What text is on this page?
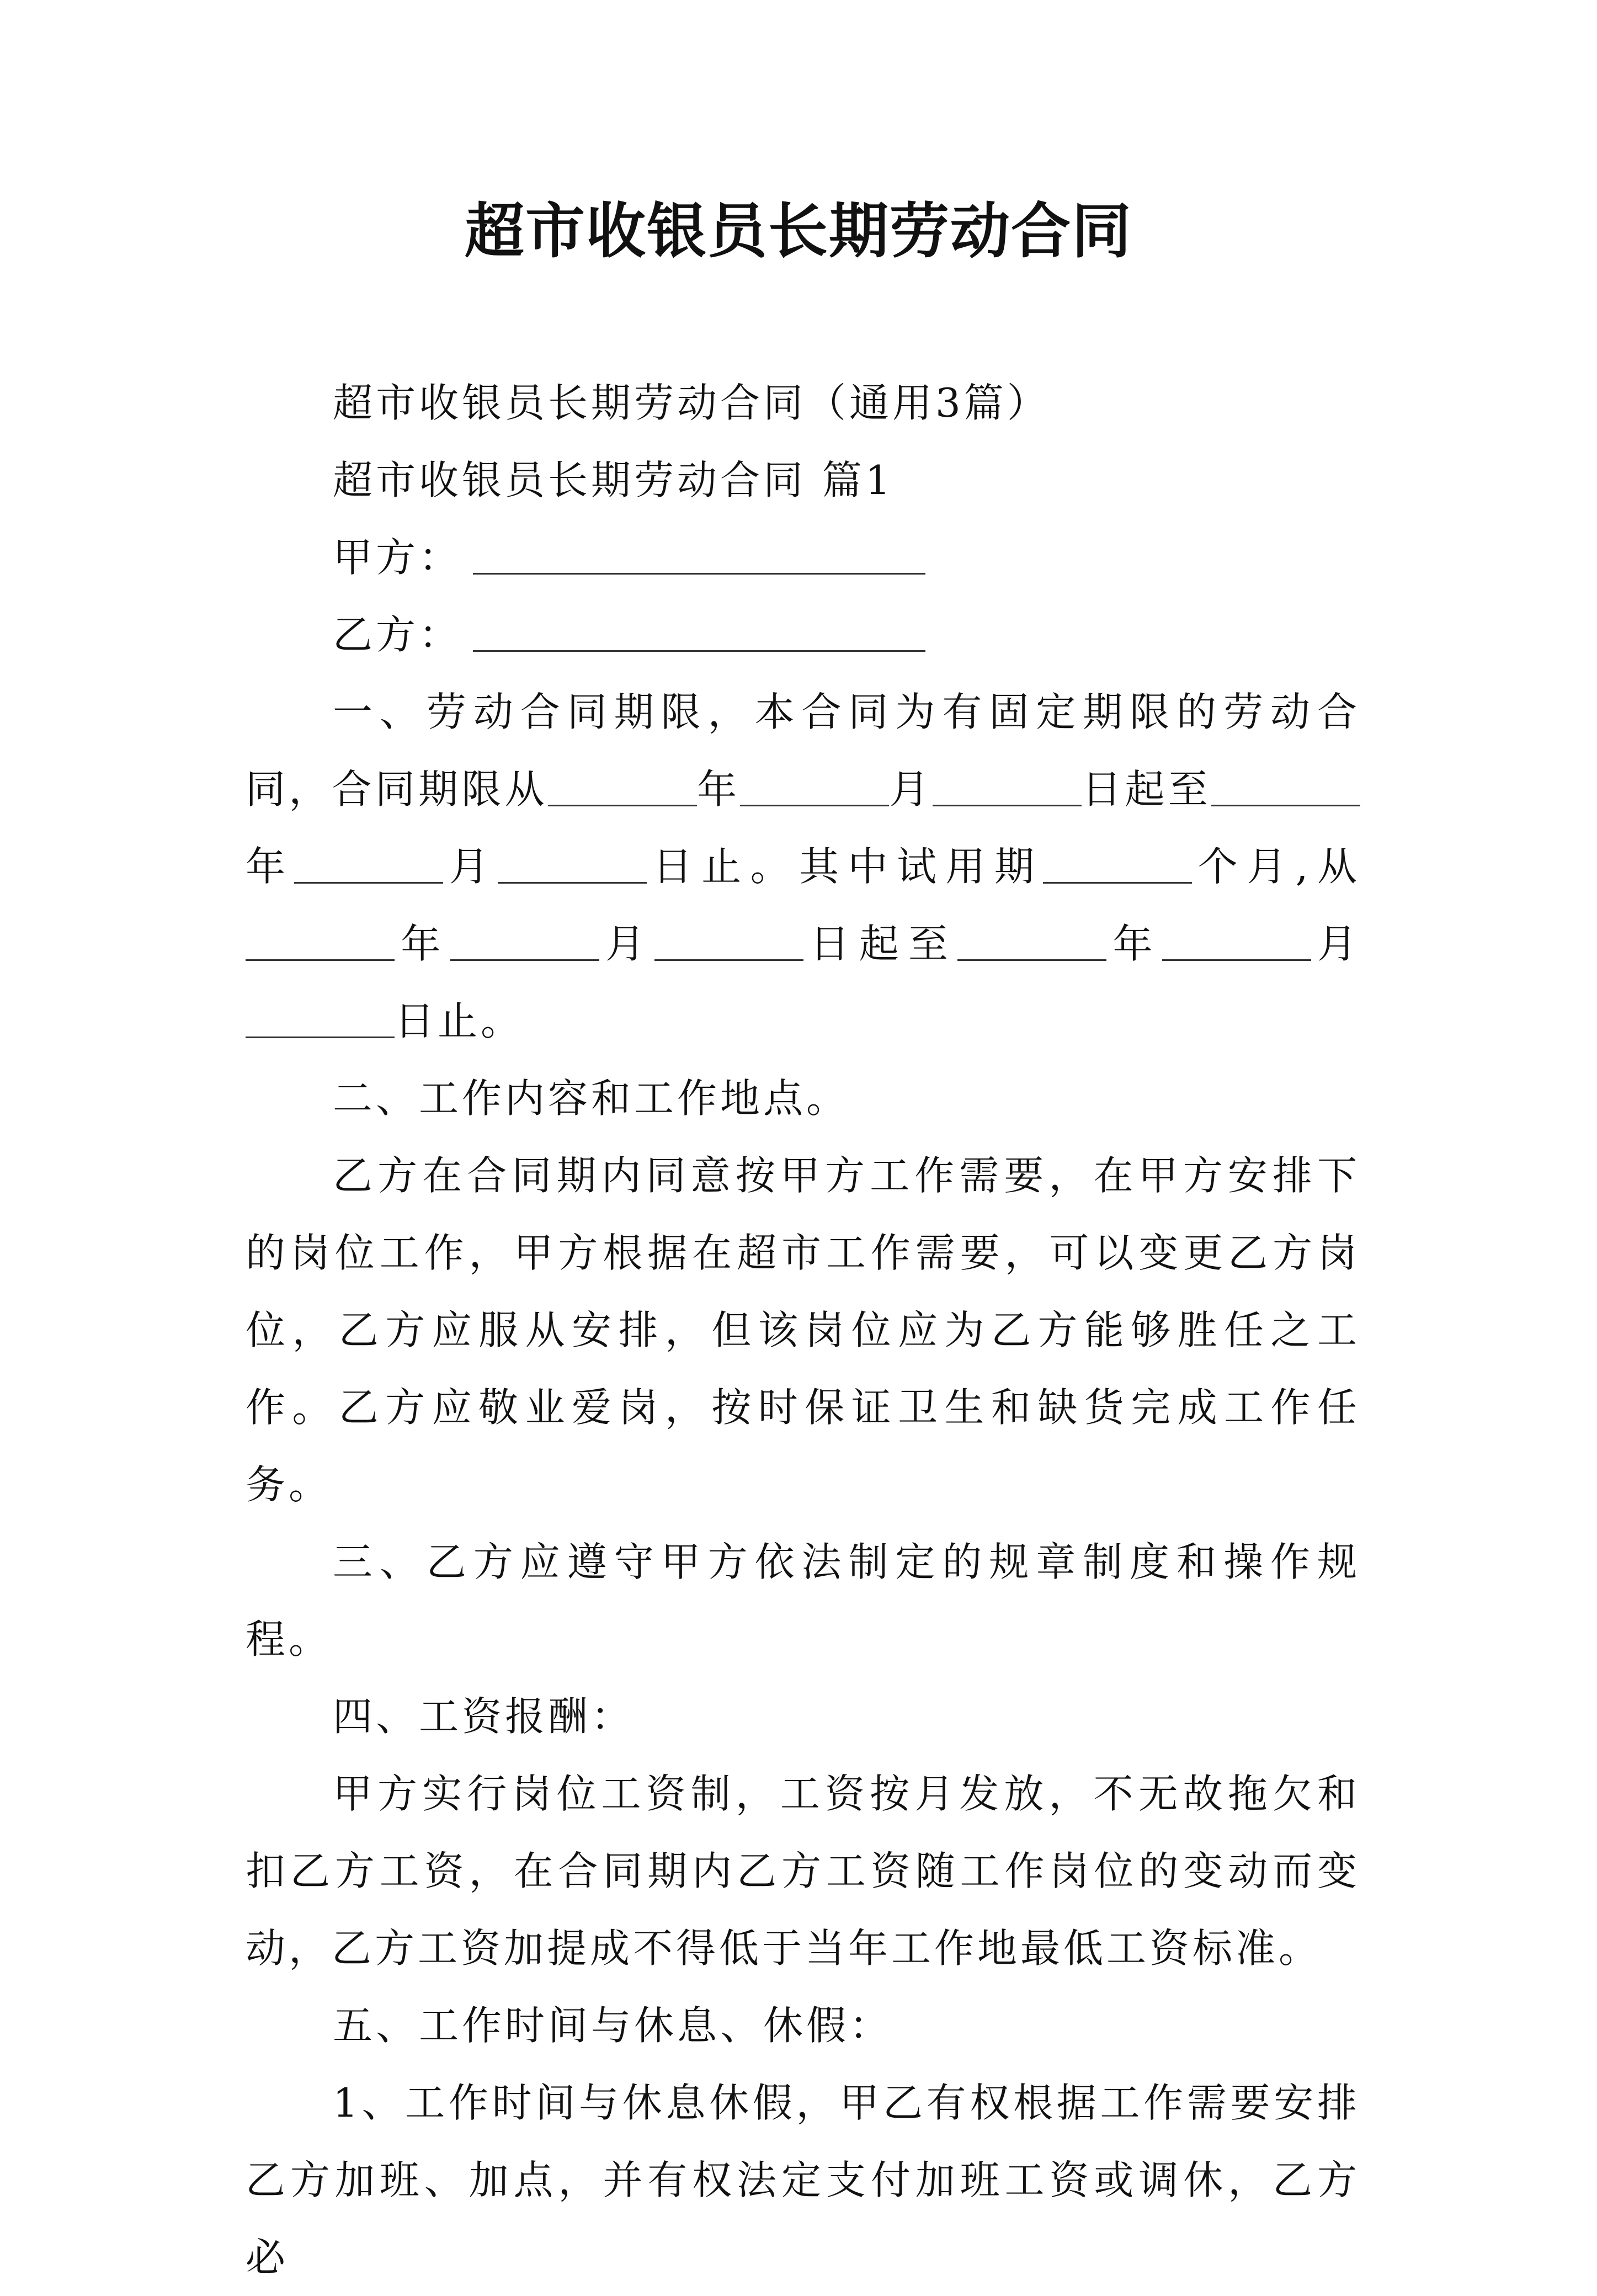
超市收银员长期劳动合同

超市收银员长期劳动合同（通用3篇）

超市收银员长期劳动合同 篇1

甲方：

乙方：

一、劳动合同期限，本合同为有固定期限的劳动合同，合同期限从	年	月	日起至年	月	日止。其中试用期	个月,从年	月	日起至	年	月日止。

二、工作内容和工作地点。

乙方在合同期内同意按甲方工作需要，在甲方安排下的岗位工作，甲方根据在超市工作需要，可以变更乙方岗位，乙方应服从安排，但该岗位应为乙方能够胜任之工作。乙方应敬业爱岗，按时保证卫生和缺货完成工作任务。

三、乙方应遵守甲方依法制定的规章制度和操作规程。

四、工资报酬：

甲方实行岗位工资制，工资按月发放，不无故拖欠和扣乙方工资，在合同期内乙方工资随工作岗位的变动而变动，乙方工资加提成不得低于当年工作地最低工资标准。

五、工作时间与休息、休假：

1、工作时间与休息休假，甲乙有权根据工作需要安排乙方加班、加点，并有权法定支付加班工资或调休，乙方必
